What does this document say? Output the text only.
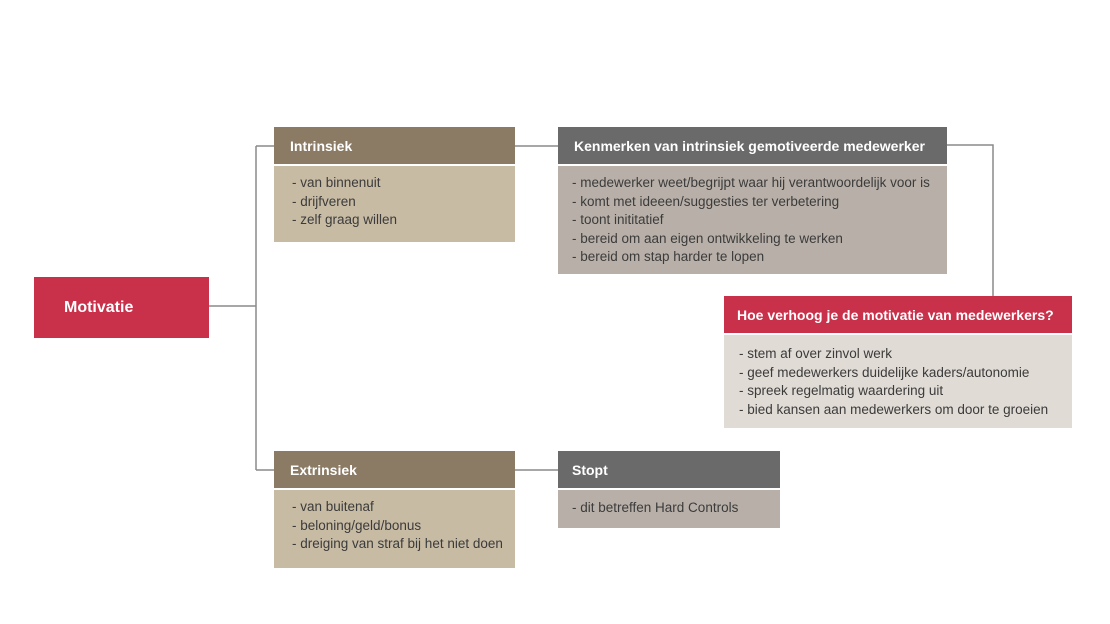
Motivatie
Intrinsiek
- van binnenuit
- drijfveren
- zelf graag willen
Kenmerken van intrinsiek gemotiveerde medewerker
- medewerker weet/begrijpt waar hij verantwoordelijk voor is
- komt met ideeen/suggesties ter verbetering
- toont inititatief
- bereid om aan eigen ontwikkeling te werken
- bereid om stap harder te lopen
Hoe verhoog je de motivatie van medewerkers?
- stem af over zinvol werk
- geef medewerkers duidelijke kaders/autonomie
- spreek regelmatig waardering uit
- bied kansen aan medewerkers om door te groeien
Extrinsiek
- van buitenaf
- beloning/geld/bonus
- dreiging van straf bij het niet doen
Stopt
- dit betreffen Hard Controls
